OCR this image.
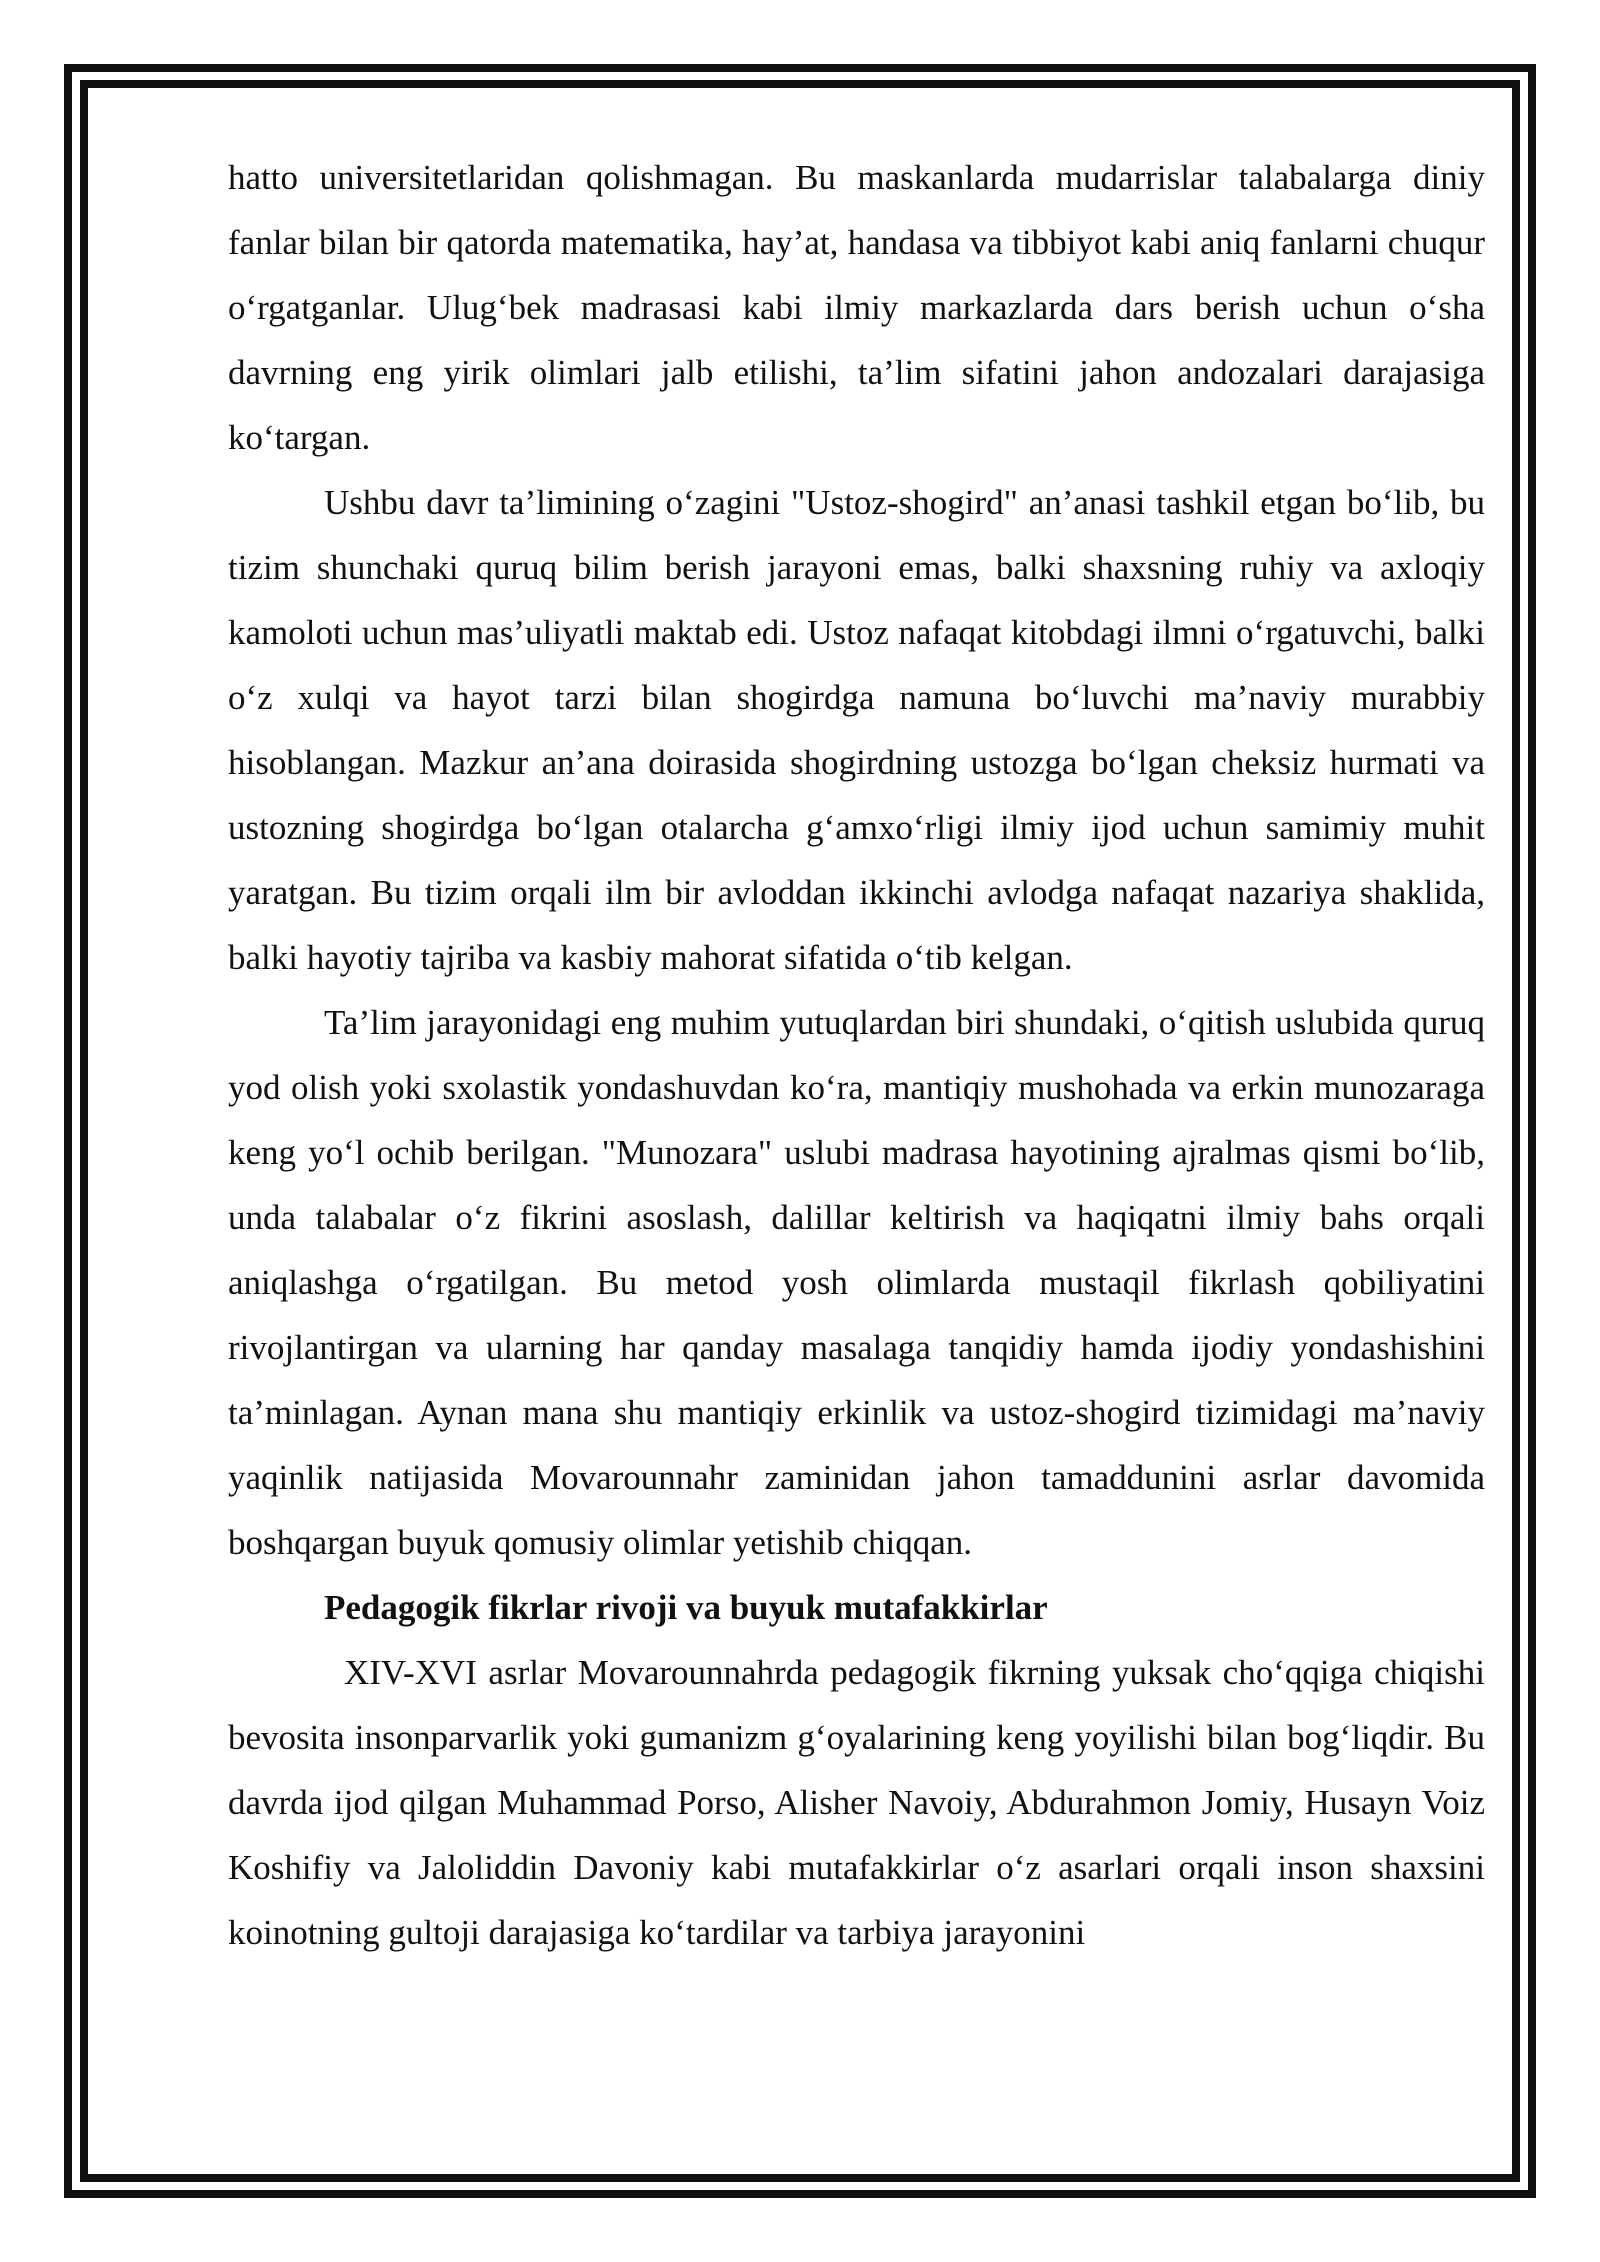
hatto universitetlaridan qolishmagan. Bu maskanlarda mudarrislar talabalarga diniy fanlar bilan bir qatorda matematika, hay’at, handasa va tibbiyot kabi aniq fanlarni chuqur o‘rgatganlar. Ulug‘bek madrasasi kabi ilmiy markazlarda dars berish uchun o‘sha davrning eng yirik olimlari jalb etilishi, ta’lim sifatini jahon andozalari darajasiga ko‘targan.

Ushbu davr ta’limining o‘zagini "Ustoz-shogird" an’anasi tashkil etgan bo‘lib, bu tizim shunchaki quruq bilim berish jarayoni emas, balki shaxsning ruhiy va axloqiy kamoloti uchun mas’uliyatli maktab edi. Ustoz nafaqat kitobdagi ilmni o‘rgatuvchi, balki o‘z xulqi va hayot tarzi bilan shogirdga namuna bo‘luvchi ma’naviy murabbiy hisoblangan. Mazkur an’ana doirasida shogirdning ustozga bo‘lgan cheksiz hurmati va ustozning shogirdga bo‘lgan otalarcha g‘amxo‘rligi ilmiy ijod uchun samimiy muhit yaratgan. Bu tizim orqali ilm bir avloddan ikkinchi avlodga nafaqat nazariya shaklida, balki hayotiy tajriba va kasbiy mahorat sifatida o‘tib kelgan.

Ta’lim jarayonidagi eng muhim yutuqlardan biri shundaki, o‘qitish uslubida quruq yod olish yoki sxolastik yondashuvdan ko‘ra, mantiqiy mushohada va erkin munozaraga keng yo‘l ochib berilgan. "Munozara" uslubi madrasa hayotining ajralmas qismi bo‘lib, unda talabalar o‘z fikrini asoslash, dalillar keltirish va haqiqatni ilmiy bahs orqali aniqlashga o‘rgatilgan. Bu metod yosh olimlarda mustaqil fikrlash qobiliyatini rivojlantirgan va ularning har qanday masalaga tanqidiy hamda ijodiy yondashishini ta’minlagan. Aynan mana shu mantiqiy erkinlik va ustoz-shogird tizimidagi ma’naviy yaqinlik natijasida Movarounnahr zaminidan jahon tamaddunini asrlar davomida boshqargan buyuk qomusiy olimlar yetishib chiqqan.

Pedagogik fikrlar rivoji va buyuk mutafakkirlar

XIV-XVI asrlar Movarounnahrda pedagogik fikrning yuksak cho‘qqiga chiqishi bevosita insonparvarlik yoki gumanizm g‘oyalarining keng yoyilishi bilan bog‘liqdir. Bu davrda ijod qilgan Muhammad Porso, Alisher Navoiy, Abdurahmon Jomiy, Husayn Voiz Koshifiy va Jaloliddin Davoniy kabi mutafakkirlar o‘z asarlari orqali inson shaxsini koinotning gultoji darajasiga ko‘tardilar va tarbiya jarayonini
